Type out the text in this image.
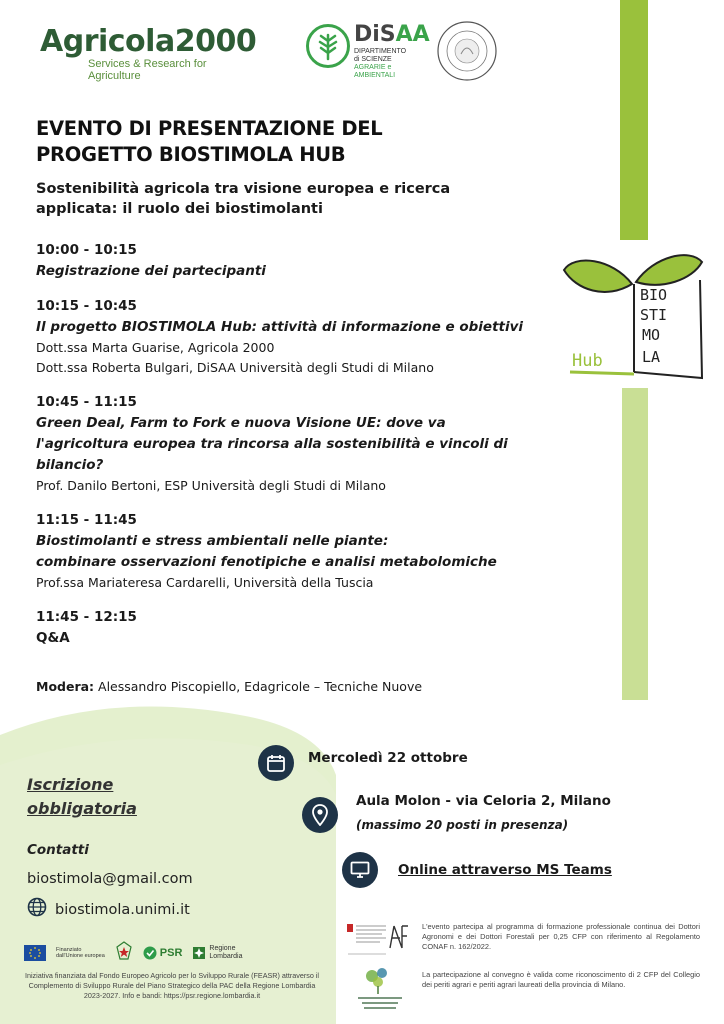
Agricola2000
Services & Research for Agriculture
DiSAA
DIPARTIMENTO
di SCIENZE
AGRARIE e
AMBIENTALI
BIO
STI
MO
LA
Hub
EVENTO DI PRESENTAZIONE DEL
PROGETTO BIOSTIMOLA HUB
Sostenibilità agricola tra visione europea e ricerca
applicata: il ruolo dei biostimolanti
10:00 - 10:15
Registrazione dei partecipanti
10:15 - 10:45
Il progetto BIOSTIMOLA Hub: attività di informazione e obiettivi
Dott.ssa Marta Guarise, Agricola 2000
Dott.ssa Roberta Bulgari, DiSAA Università degli Studi di Milano
10:45 - 11:15
Green Deal, Farm to Fork e nuova Visione UE: dove va
l'agricoltura europea tra rincorsa alla sostenibilità e vincoli di
bilancio?
Prof. Danilo Bertoni, ESP Università degli Studi di Milano
11:15 - 11:45
Biostimolanti e stress ambientali nelle piante:
combinare osservazioni fenotipiche e analisi metabolomiche
Prof.ssa Mariateresa Cardarelli, Università della Tuscia
11:45 - 12:15
Q&A
Modera: Alessandro Piscopiello, Edagricole – Tecniche Nuove
Iscrizione
obbligatoria
Contatti
biostimola@gmail.com
biostimola.unimi.it
Finanziato
dall'Unione europea	PSR	Regione
Lombardia
Iniziativa finanziata dal Fondo Europeo Agricolo per lo Sviluppo Rurale (FEASR) attraverso il Complemento di Sviluppo Rurale del Piano Strategico della PAC della Regione Lombardia 2023-2027. Info e bandi: https://psr.regione.lombardia.it
Mercoledì 22 ottobre
Aula Molon - via Celoria 2, Milano
(massimo 20 posti in presenza)
Online attraverso MS Teams
L'evento partecipa al programma di formazione professionale continua dei Dottori Agronomi e dei Dottori Forestali per 0,25 CFP con riferimento al Regolamento CONAF n. 162/2022.
La partecipazione al convegno è valida come riconoscimento di 2 CFP del Collegio dei periti agrari e periti agrari laureati della provincia di Milano.
